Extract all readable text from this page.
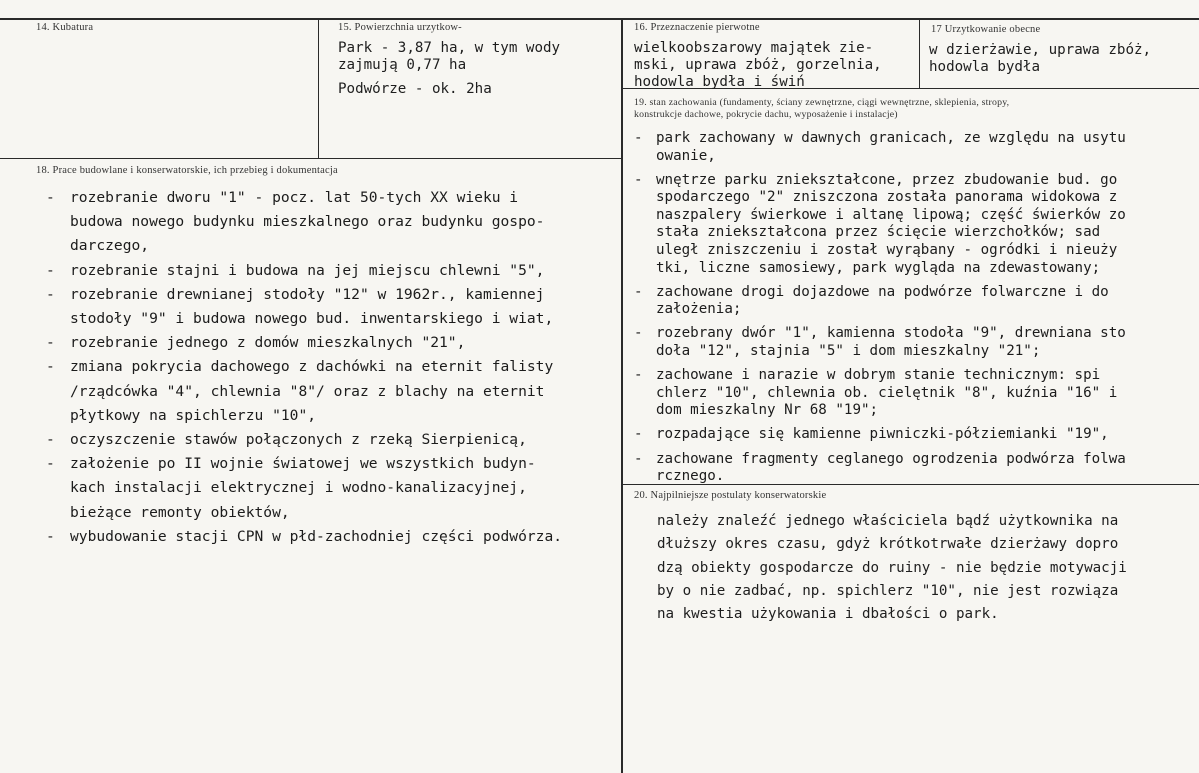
14. Kubatura	15. Powierzchnia urzytkow-
Park - 3,87 ha, w tym wody
zajmują 0,77 ha
Podwórze - ok. 2ha
16. Przeznaczenie pierwotne
wielkoobszarowy majątek zie-
mski, uprawa zbóż, gorzelnia,
hodowla bydła i świń
17 Urzytkowanie obecne
w dzierżawie, uprawa zbóż,
hodowla bydła
19. stan zachowania (fundamenty, ściany zewnętrzne, ciągi wewnętrzne, sklepienia, stropy,
konstrukcje dachowe, pokrycie dachu, wyposażenie i instalacje)
- park zachowany w dawnych granicach, ze względu na usytu
owanie,
- wnętrze parku zniekształcone, przez zbudowanie bud. go
spodarczego "2" zniszczona została panorama widokowa z
naszpalery świerkowe i altanę lipową; część świerków zo
stała zniekształcona przez ścięcie wierzchołków; sad
uległ zniszczeniu i został wyrąbany - ogródki i nieuży
tki, liczne samosiewy, park wygląda na zdewastowany;
- zachowane drogi dojazdowe na podwórze folwarczne i do
założenia;
- rozebrany dwór "1", kamienna stodoła "9", drewniana sto
doła "12", stajnia "5" i dom mieszkalny "21";
- zachowane i narazie w dobrym stanie technicznym: spi
chlerz "10", chlewnia ob. cielętnik "8", kuźnia "16" i
dom mieszkalny Nr 68 "19";
- rozpadające się kamienne piwniczki-półziemianki "19",
- zachowane fragmenty ceglanego ogrodzenia podwórza folwa
rcznego.
18. Prace budowlane i konserwatorskie, ich przebieg i dokumentacja
- rozebranie dworu "1" - pocz. lat 50-tych XX wieku i
budowa nowego budynku mieszkalnego oraz budynku gospo-
darczego,
- rozebranie stajni i budowa na jej miejscu chlewni "5",
- rozebranie drewnianej stodoły "12" w 1962r., kamiennej
stodoły "9" i budowa nowego bud. inwentarskiego i wiat,
- rozebranie jednego z domów mieszkalnych "21",
- zmiana pokrycia dachowego z dachówki na eternit falisty
/rządcówka "4", chlewnia "8"/ oraz z blachy na eternit
płytkowy na spichlerzu "10",
- oczyszczenie stawów połączonych z rzeką Sierpienicą,
- założenie po II wojnie światowej we wszystkich budyn-
kach instalacji elektrycznej i wodno-kanalizacyjnej,
bieżące remonty obiektów,
- wybudowanie stacji CPN w płd-zachodniej części podwórza.
20. Najpilniejsze postulaty konserwatorskie
należy znaleźć jednego właściciela bądź użytkownika na
dłuższy okres czasu, gdyż krótkotrwałe dzierżawy dopro
dzą obiekty gospodarcze do ruiny - nie będzie motywacji
by o nie zadbać, np. spichlerz "10", nie jest rozwiąza
na kwestia użykowania i dbałości o park.
